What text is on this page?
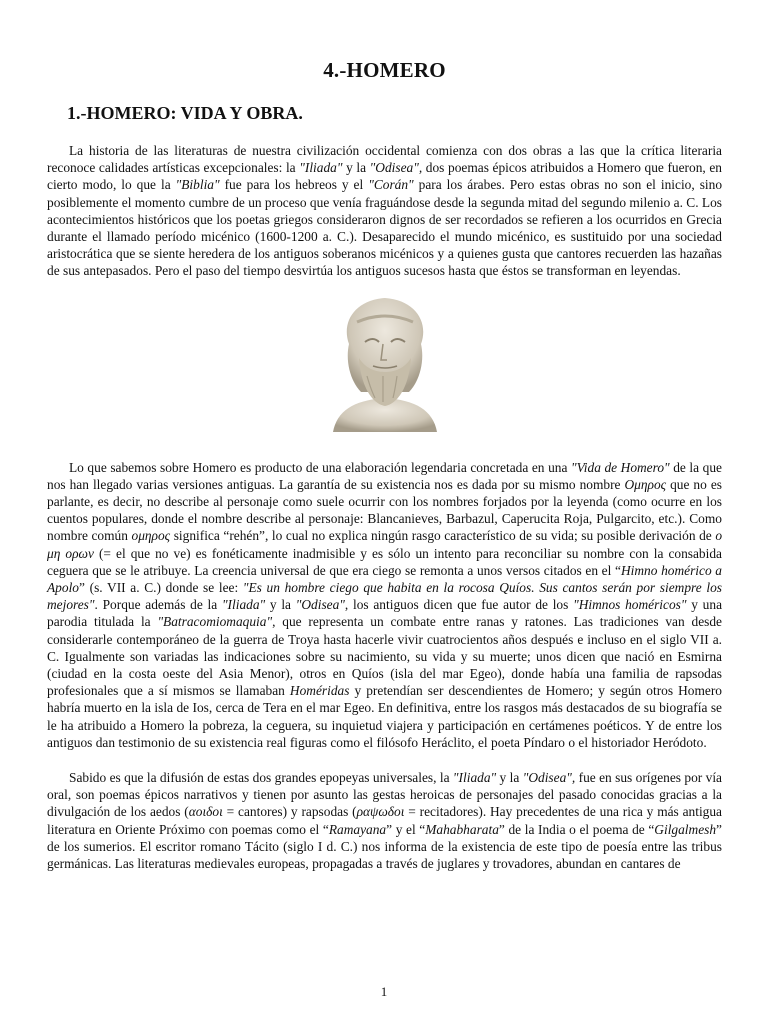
4.-HOMERO
1.-HOMERO: VIDA Y OBRA.

La historia de las literaturas de nuestra civilización occidental comienza con dos obras a las que la crítica literaria reconoce calidades artísticas excepcionales: la "Iliada" y la "Odisea", dos poemas épicos atribuidos a Homero que fueron, en cierto modo, lo que la "Biblia" fue para los hebreos y el "Corán" para los árabes. Pero estas obras no son el inicio, sino posiblemente el momento cumbre de un proceso que venía fraguándose desde la segunda mitad del segundo milenio a. C. Los acontecimientos históricos que los poetas griegos consideraron dignos de ser recordados se refieren a los ocurridos en Grecia durante el llamado período micénico (1600-1200 a. C.). Desaparecido el mundo micénico, es sustituido por una sociedad aristocrática que se siente heredera de los antiguos soberanos micénicos y a quienes gusta que cantores recuerden las hazañas de sus antepasados. Pero el paso del tiempo desvirtúa los antiguos sucesos hasta que éstos se transforman en leyendas.

Lo que sabemos sobre Homero es producto de una elaboración legendaria concretada en una "Vida de Homero" de la que nos han llegado varias versiones antiguas. La garantía de su existencia nos es dada por su mismo nombre Ομηρος que no es parlante, es decir, no describe al personaje como suele ocurrir con los nombres forjados por la leyenda (como ocurre en los cuentos populares, donde el nombre describe al personaje: Blancanieves, Barbazul, Caperucita Roja, Pulgarcito, etc.). Como nombre común ομηρος significa “rehén”, lo cual no explica ningún rasgo característico de su vida; su posible derivación de ο μη ορων (= el que no ve) es fonéticamente inadmisible y es sólo un intento para reconciliar su nombre con la consabida ceguera que se le atribuye. La creencia universal de que era ciego se remonta a unos versos citados en el “Himno homérico a Apolo” (s. VII a. C.) donde se lee: "Es un hombre ciego que habita en la rocosa Quíos. Sus cantos serán por siempre los mejores". Porque además de la "Iliada" y la "Odisea", los antiguos dicen que fue autor de los "Himnos homéricos" y una parodia titulada la "Batracomiomaquia", que representa un combate entre ranas y ratones. Las tradiciones van desde considerarle contemporáneo de la guerra de Troya hasta hacerle vivir cuatrocientos años después e incluso en el siglo VII a. C. Igualmente son variadas las indicaciones sobre su nacimiento, su vida y su muerte; unos dicen que nació en Esmirna (ciudad en la costa oeste del Asia Menor), otros en Quíos (isla del mar Egeo), donde había una familia de rapsodas profesionales que a sí mismos se llamaban Homéridas y pretendían ser descendientes de Homero; y según otros Homero habría muerto en la isla de Ios, cerca de Tera en el mar Egeo. En definitiva, entre los rasgos más destacados de su biografía se le ha atribuido a Homero la pobreza, la ceguera, su inquietud viajera y participación en certámenes poéticos. Y de entre los antiguos dan testimonio de su existencia real figuras como el filósofo Heráclito, el poeta Píndaro o el historiador Heródoto.

Sabido es que la difusión de estas dos grandes epopeyas universales, la "Iliada" y la "Odisea", fue en sus orígenes por vía oral, son poemas épicos narrativos y tienen por asunto las gestas heroicas de personajes del pasado conocidas gracias a la divulgación de los aedos (αοιδοι = cantores) y rapsodas (ραψωδοι = recitadores). Hay precedentes de una rica y más antigua literatura en Oriente Próximo con poemas como el “Ramayana” y el “Mahabharata” de la India o el poema de “Gilgalmesh” de los sumerios. El escritor romano Tácito (siglo I d. C.) nos informa de la existencia de este tipo de poesía entre las tribus germánicas. Las literaturas medievales europeas, propagadas a través de juglares y trovadores, abundan en cantares de

1
